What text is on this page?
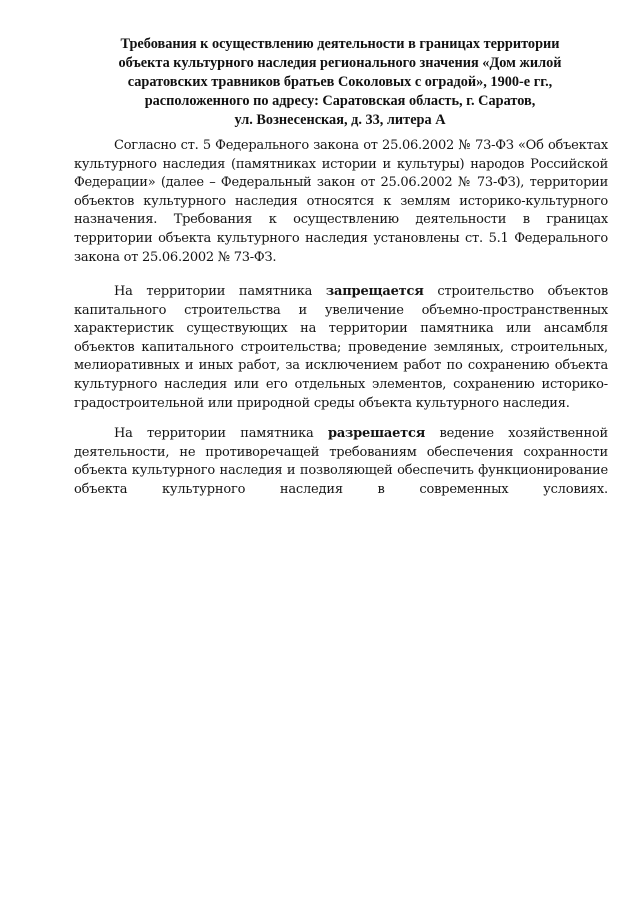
Требования к осуществлению деятельности в границах территории
объекта культурного наследия регионального значения «Дом жилой
саратовских травников братьев Соколовых с оградой», 1900-е гг.,
расположенного по адресу: Саратовская область, г. Саратов,
ул. Вознесенская, д. 33, литера А

Согласно ст. 5 Федерального закона от 25.06.2002 № 73-ФЗ «Об объектах культурного наследия (памятниках истории и культуры) народов Российской Федерации» (далее – Федеральный закон от 25.06.2002 № 73-ФЗ), территории объектов культурного наследия относятся к землям историко-культурного назначения. Требования к осуществлению деятельности в границах территории объекта культурного наследия установлены ст. 5.1 Федерального закона от 25.06.2002 № 73-ФЗ.

На территории памятника запрещается строительство объектов капитального строительства и увеличение объемно-пространственных характеристик существующих на территории памятника или ансамбля объектов капитального строительства; проведение земляных, строительных, мелиоративных и иных работ, за исключением работ по сохранению объекта культурного наследия или его отдельных элементов, сохранению историко-градостроительной или природной среды объекта культурного наследия.

На территории памятника разрешается ведение хозяйственной деятельности, не противоречащей требованиям обеспечения сохранности объекта культурного наследия и позволяющей обеспечить функционирование объекта культурного наследия в современных условиях.
